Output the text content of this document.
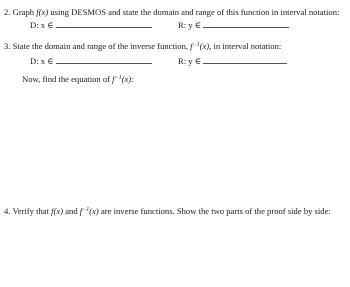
2. Graph f(x) using DESMOS and state the domain and range of this function in interval notation:
D: x ∈	R: y ∈
3. State the domain and range of the inverse function, $f^{-1}(x)$, in interval notation:
D: x ∈	R: y ∈
Now, find the equation of $f^{-1}(x)$:
4. Verify that f(x) and $f^{-1}(x)$ are inverse functions. Show the two parts of the proof side by side:
